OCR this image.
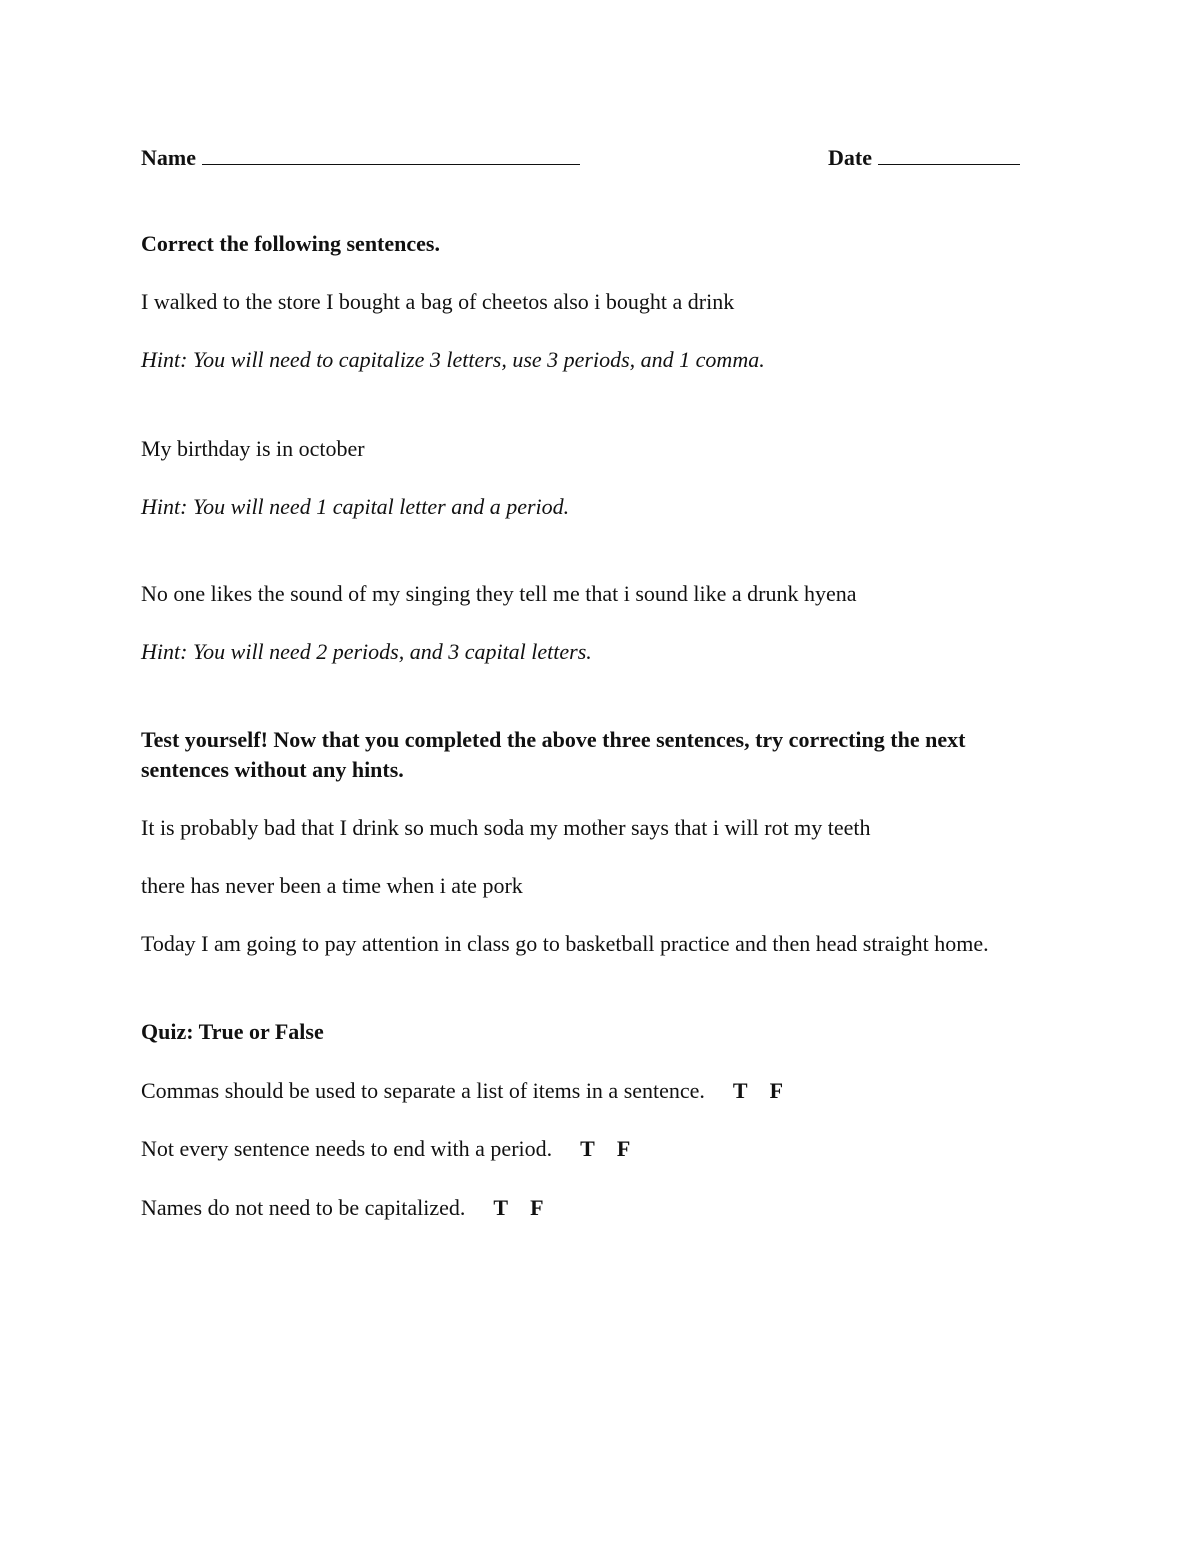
Name	Date
Correct the following sentences.
I walked to the store I bought a bag of cheetos also i bought a drink
Hint: You will need to capitalize 3 letters, use 3 periods, and 1 comma.
My birthday is in october
Hint: You will need 1 capital letter and a period.
No one likes the sound of my singing they tell me that i sound like a drunk hyena
Hint: You will need 2 periods, and 3 capital letters.
Test yourself! Now that you completed the above three sentences, try correcting the next
sentences without any hints.
It is probably bad that I drink so much soda my mother says that i will rot my teeth
there has never been a time when i ate pork
Today I am going to pay attention in class go to basketball practice and then head straight home.
Quiz: True or False
Commas should be used to separate a list of items in a sentence. T F
Not every sentence needs to end with a period. T F
Names do not need to be capitalized. T F
